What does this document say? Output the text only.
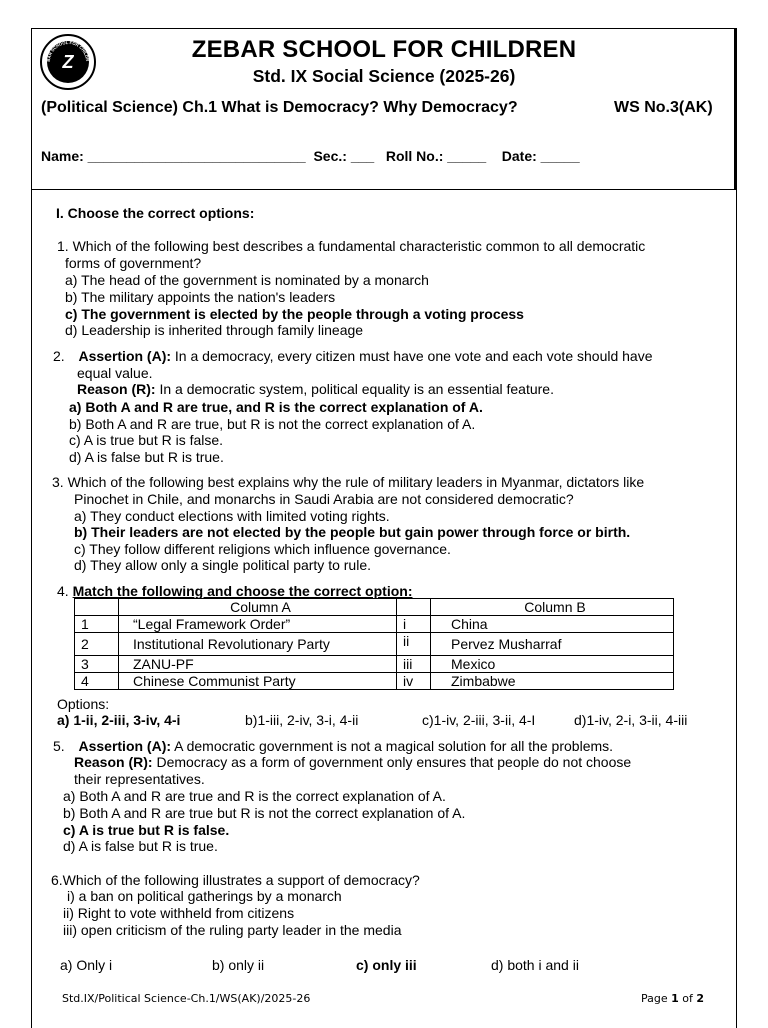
Z
BAR SCHOOL FOR CHILDR	ZEBAR SCHOOL FOR CHILDREN
Std. IX Social Science (2025-26)
(Political Science) Ch.1 What is Democracy? Why Democracy?	WS No.3(AK)
Name: ____________________________  Sec.: ___   Roll No.: _____    Date: _____
I. Choose the correct options:
1. Which of the following best describes a fundamental characteristic common to all democratic
forms of government?
a) The head of the government is nominated by a monarch
b) The military appoints the nation's leaders
c) The government is elected by the people through a voting process
d) Leadership is inherited through family lineage
2. Assertion (A): In a democracy, every citizen must have one vote and each vote should have
equal value.
Reason (R): In a democratic system, political equality is an essential feature.
a) Both A and R are true, and R is the correct explanation of A.
b) Both A and R are true, but R is not the correct explanation of A.
c) A is true but R is false.
d) A is false but R is true.
3. Which of the following best explains why the rule of military leaders in Myanmar, dictators like
Pinochet in Chile, and monarchs in Saudi Arabia are not considered democratic?
a) They conduct elections with limited voting rights.
b) Their leaders are not elected by the people but gain power through force or birth.
c) They follow different religions which influence governance.
d) They allow only a single political party to rule.
4. Match the following and choose the correct option:
	Column A		Column B
1	“Legal Framework Order”	i	China
2	Institutional Revolutionary Party	ii	Pervez Musharraf
3	ZANU-PF	iii	Mexico
4	Chinese Communist Party	iv	Zimbabwe
Options:
a) 1-ii, 2-iii, 3-iv, 4-i	b)1-iii, 2-iv, 3-i, 4-ii	c)1-iv, 2-iii, 3-ii, 4-I	d)1-iv, 2-i, 3-ii, 4-iii
5. Assertion (A): A democratic government is not a magical solution for all the problems.
Reason (R): Democracy as a form of government only ensures that people do not choose
their representatives.
a) Both A and R are true and R is the correct explanation of A.
b) Both A and R are true but R is not the correct explanation of A.
c) A is true but R is false.
d) A is false but R is true.
6.Which of the following illustrates a support of democracy?
i) a ban on political gatherings by a monarch
ii) Right to vote withheld from citizens
iii) open criticism of the ruling party leader in the media
a) Only i	b) only ii	c) only iii	d) both i and ii
Std.IX/Political Science-Ch.1/WS(AK)/2025-26	Page 1 of 2
